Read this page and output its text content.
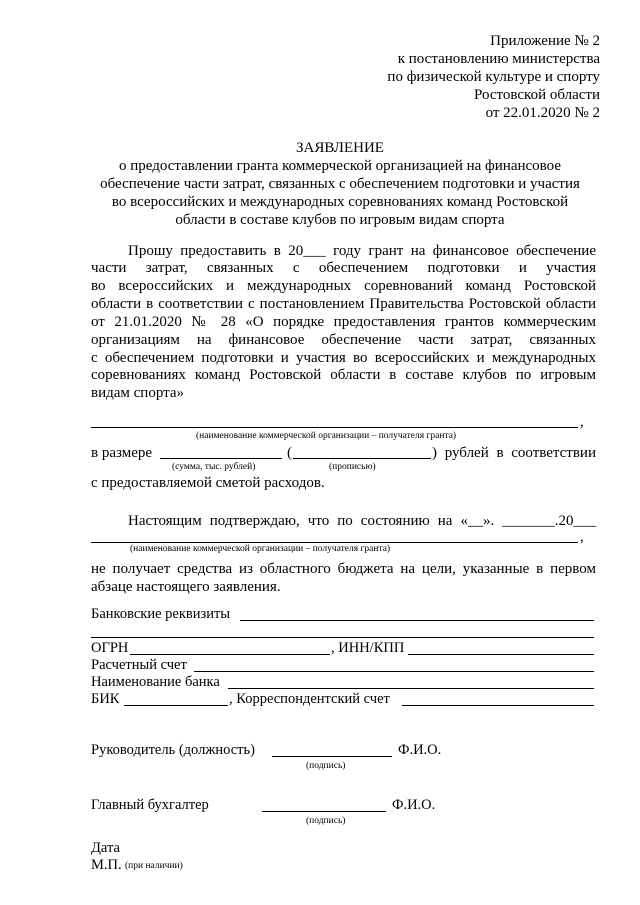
Приложение № 2
к постановлению министерства
по физической культуре и спорту
Ростовской области
от 22.01.2020 № 2
ЗАЯВЛЕНИЕ
о предоставлении гранта коммерческой организацией на финансовое
обеспечение части затрат, связанных с обеспечением подготовки и участия
во всероссийских и международных соревнованиях команд Ростовской
области в составе клубов по игровым видам спорта
Прошу предоставить в 20___ году грант на финансовое обеспечение
части затрат, связанных с обеспечением подготовки и участия
во всероссийских и международных соревнований команд Ростовской
области в соответствии с постановлением Правительства Ростовской области
от 21.01.2020 № 28 «О порядке предоставления грантов коммерческим
организациям на финансовое обеспечение части затрат, связанных
с обеспечением подготовки и участия во всероссийских и международных
соревнованиях команд Ростовской области в составе клубов по игровым
видам спорта»
,
(наименование коммерческой организации – получателя гранта)
в размере	(	) рублей в соответствии
(сумма, тыс. рублей)	(прописью)
с предоставляемой сметой расходов.
Настоящим подтверждаю, что по состоянию на «__». _______.20___
,
(наименование коммерческой организации – получателя гранта)
не получает средства из областного бюджета на цели, указанные в первом
абзаце настоящего заявления.
Банковские реквизиты
ОГРН	, ИНН/КПП
Расчетный счет
Наименование банка
БИК	, Корреспондентский счет
Руководитель (должность)	Ф.И.О.
(подпись)
Главный бухгалтер	Ф.И.О.
(подпись)
Дата
М.П. (при наличии)
